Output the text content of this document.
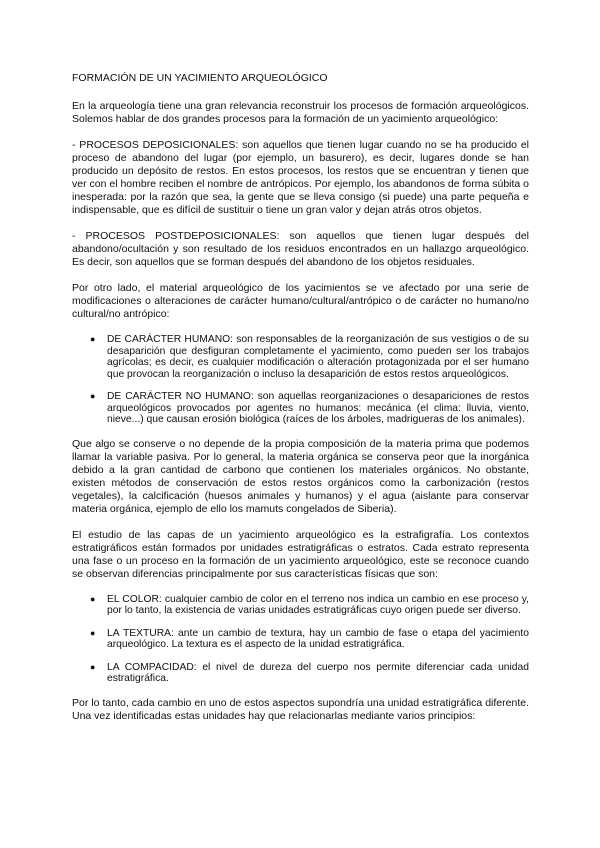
FORMACIÓN DE UN YACIMIENTO ARQUEOLÓGICO

En la arqueología tiene una gran relevancia reconstruir los procesos de formación arqueológicos. Solemos hablar de dos grandes procesos para la formación de un yacimiento arqueológico:

- PROCESOS DEPOSICIONALES: son aquellos que tienen lugar cuando no se ha producido el proceso de abandono del lugar (por ejemplo, un basurero), es decir, lugares donde se han producido un depósito de restos. En estos procesos, los restos que se encuentran y tienen que ver con el hombre reciben el nombre de antrópicos. Por ejemplo, los abandonos de forma súbita o inesperada: por la razón que sea, la gente que se lleva consigo (si puede) una parte pequeña e indispensable, que es difícil de sustituir o tiene un gran valor y dejan atrás otros objetos.

- PROCESOS POSTDEPOSICIONALES: son aquellos que tienen lugar después del abandono/ocultación y son resultado de los residuos encontrados en un hallazgo arqueológico. Es decir, son aquellos que se forman después del abandono de los objetos residuales.

Por otro lado, el material arqueológico de los yacimientos se ve afectado por una serie de modificaciones o alteraciones de carácter humano/cultural/antrópico o de carácter no humano/no cultural/no antrópico:

● DE CARÁCTER HUMANO: son responsables de la reorganización de sus vestigios o de su desaparición que desfiguran completamente el yacimiento, como pueden ser los trabajos agrícolas; es decir, es cualquier modificación o alteración protagonizada por el ser humano que provocan la reorganización o incluso la desaparición de estos restos arqueológicos.
● DE CARÁCTER NO HUMANO: son aquellas reorganizaciones o desapariciones de restos arqueológicos provocados por agentes no humanos: mecánica (el clima: lluvia, viento, nieve...) que causan erosión biológica (raíces de los árboles, madrigueras de los animales).

Que algo se conserve o no depende de la propia composición de la materia prima que podemos llamar la variable pasiva. Por lo general, la materia orgánica se conserva peor que la inorgánica debido a la gran cantidad de carbono que contienen los materiales orgánicos. No obstante, existen métodos de conservación de estos restos orgánicos como la carbonización (restos vegetales), la calcificación (huesos animales y humanos) y el agua (aislante para conservar materia orgánica, ejemplo de ello los mamuts congelados de Siberia).

El estudio de las capas de un yacimiento arqueológico es la estrafigrafía. Los contextos estratigráficos están formados por unidades estratigráficas o estratos. Cada estrato representa una fase o un proceso en la formación de un yacimiento arqueológico, este se reconoce cuando se observan diferencias principalmente por sus características físicas que son:

● EL COLOR: cualquier cambio de color en el terreno nos indica un cambio en ese proceso y, por lo tanto, la existencia de varias unidades estratigráficas cuyo origen puede ser diverso.
● LA TEXTURA: ante un cambio de textura, hay un cambio de fase o etapa del yacimiento arqueológico. La textura es el aspecto de la unidad estratigráfica.
● LA COMPACIDAD: el nivel de dureza del cuerpo nos permite diferenciar cada unidad estratigráfica.

Por lo tanto, cada cambio en uno de estos aspectos supondría una unidad estratigráfica diferente. Una vez identificadas estas unidades hay que relacionarlas mediante varios principios:
